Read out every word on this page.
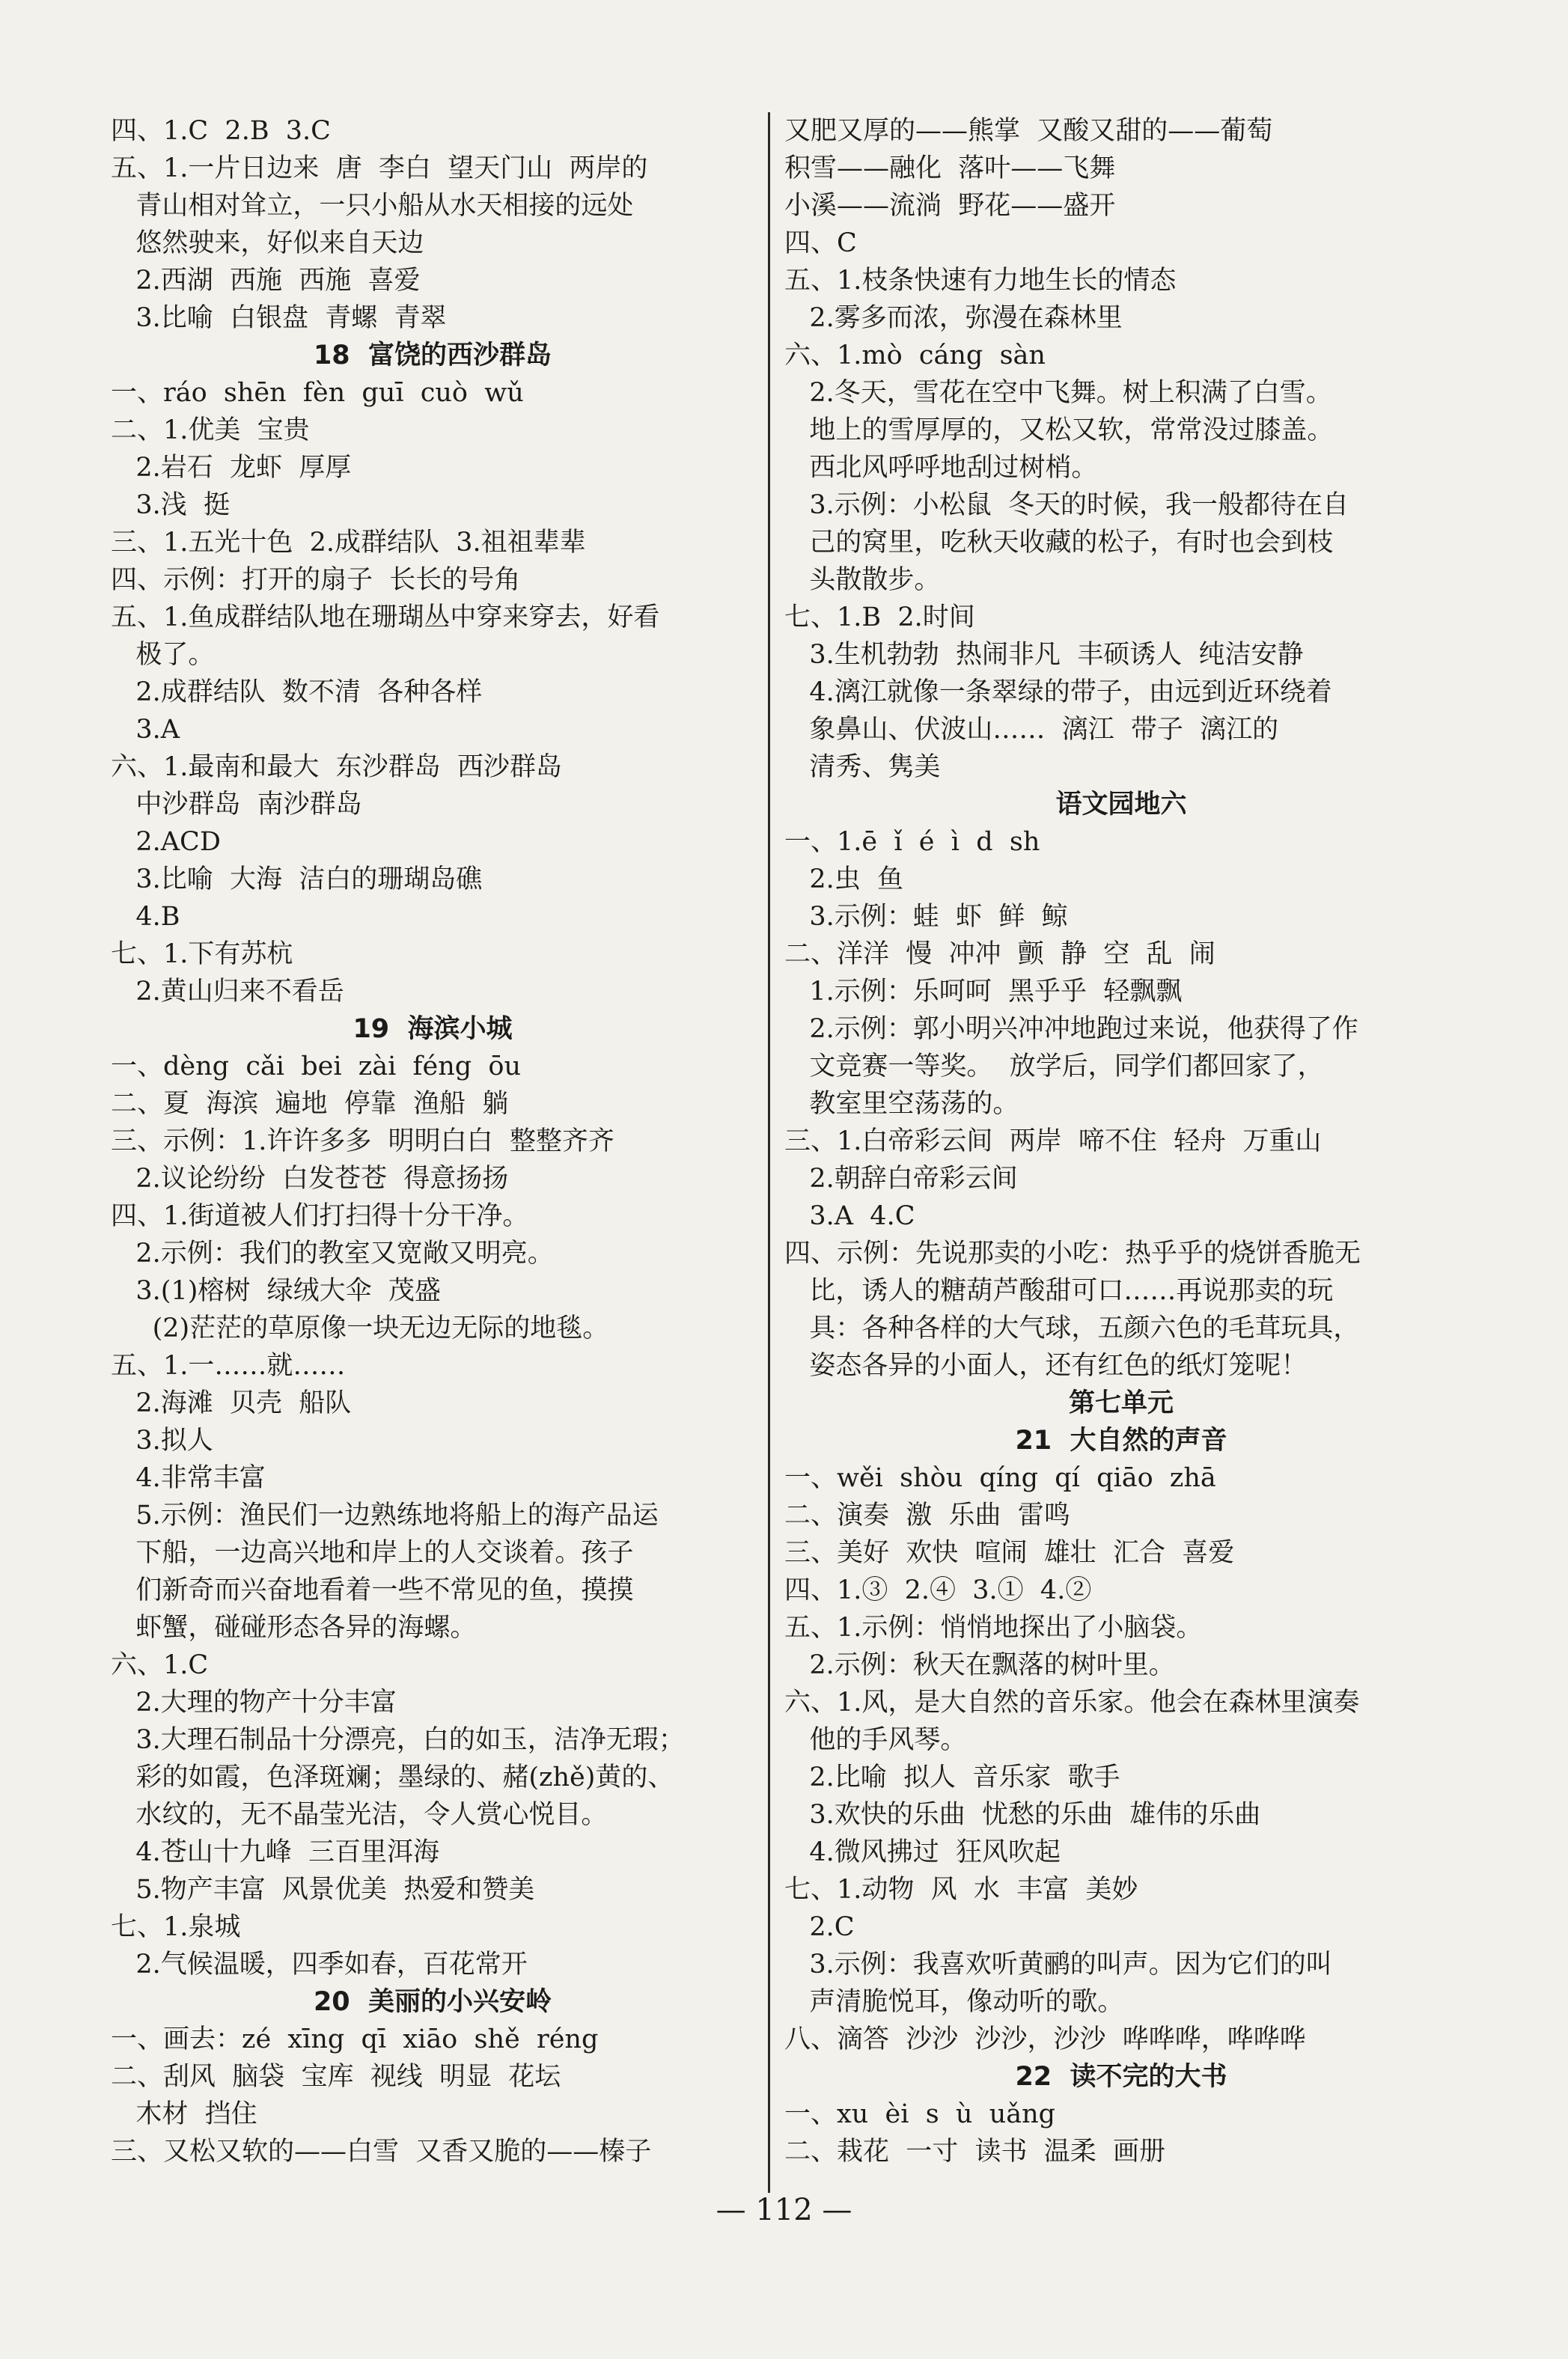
四、1.C  2.B  3.C
五、1.一片日边来  唐  李白  望天门山  两岸的
青山相对耸立，一只小船从水天相接的远处
悠然驶来，好似来自天边
2.西湖  西施  西施  喜爱
3.比喻  白银盘  青螺  青翠
18  富饶的西沙群岛
一、ráo  shēn  fèn  guī  cuò  wǔ
二、1.优美  宝贵
2.岩石  龙虾  厚厚
3.浅  挺
三、1.五光十色  2.成群结队  3.祖祖辈辈
四、示例：打开的扇子  长长的号角
五、1.鱼成群结队地在珊瑚丛中穿来穿去，好看
极了。
2.成群结队  数不清  各种各样
3.A
六、1.最南和最大  东沙群岛  西沙群岛
中沙群岛  南沙群岛
2.ACD
3.比喻  大海  洁白的珊瑚岛礁
4.B
七、1.下有苏杭
2.黄山归来不看岳
19  海滨小城
一、dèng  cǎi  bei  zài  féng  ōu
二、夏  海滨  遍地  停靠  渔船  躺
三、示例：1.许许多多  明明白白  整整齐齐
2.议论纷纷  白发苍苍  得意扬扬
四、1.街道被人们打扫得十分干净。
2.示例：我们的教室又宽敞又明亮。
3.(1)榕树  绿绒大伞  茂盛
(2)茫茫的草原像一块无边无际的地毯。
五、1.一……就……
2.海滩  贝壳  船队
3.拟人
4.非常丰富
5.示例：渔民们一边熟练地将船上的海产品运
下船，一边高兴地和岸上的人交谈着。孩子
们新奇而兴奋地看着一些不常见的鱼，摸摸
虾蟹，碰碰形态各异的海螺。
六、1.C
2.大理的物产十分丰富
3.大理石制品十分漂亮，白的如玉，洁净无瑕；
彩的如霞，色泽斑斓；墨绿的、赭(zhě)黄的、
水纹的，无不晶莹光洁，令人赏心悦目。
4.苍山十九峰  三百里洱海
5.物产丰富  风景优美  热爱和赞美
七、1.泉城
2.气候温暖，四季如春，百花常开
20  美丽的小兴安岭
一、画去：zé  xīng  qī  xiāo  shě  réng
二、刮风  脑袋  宝库  视线  明显  花坛
木材  挡住
三、又松又软的——白雪  又香又脆的——榛子
又肥又厚的——熊掌  又酸又甜的——葡萄
积雪——融化  落叶——飞舞
小溪——流淌  野花——盛开
四、C
五、1.枝条快速有力地生长的情态
2.雾多而浓，弥漫在森林里
六、1.mò  cáng  sàn
2.冬天，雪花在空中飞舞。树上积满了白雪。
地上的雪厚厚的，又松又软，常常没过膝盖。
西北风呼呼地刮过树梢。
3.示例：小松鼠  冬天的时候，我一般都待在自
己的窝里，吃秋天收藏的松子，有时也会到枝
头散散步。
七、1.B  2.时间
3.生机勃勃  热闹非凡  丰硕诱人  纯洁安静
4.漓江就像一条翠绿的带子，由远到近环绕着
象鼻山、伏波山……  漓江  带子  漓江的
清秀、隽美
语文园地六
一、1.ē  ǐ  é  ì  d  sh
2.虫  鱼
3.示例：蛙  虾  鲜  鲸
二、洋洋  慢  冲冲  颤  静  空  乱  闹
1.示例：乐呵呵  黑乎乎  轻飘飘
2.示例：郭小明兴冲冲地跑过来说，他获得了作
文竞赛一等奖。  放学后，同学们都回家了，
教室里空荡荡的。
三、1.白帝彩云间  两岸  啼不住  轻舟  万重山
2.朝辞白帝彩云间
3.A  4.C
四、示例：先说那卖的小吃：热乎乎的烧饼香脆无
比，诱人的糖葫芦酸甜可口……再说那卖的玩
具：各种各样的大气球，五颜六色的毛茸玩具，
姿态各异的小面人，还有红色的纸灯笼呢！
第七单元
21  大自然的声音
一、wěi  shòu  qíng  qí  qiāo  zhā
二、演奏  激  乐曲  雷鸣
三、美好  欢快  喧闹  雄壮  汇合  喜爱
四、1.③  2.④  3.①  4.②
五、1.示例：悄悄地探出了小脑袋。
2.示例：秋天在飘落的树叶里。
六、1.风，是大自然的音乐家。他会在森林里演奏
他的手风琴。
2.比喻  拟人  音乐家  歌手
3.欢快的乐曲  忧愁的乐曲  雄伟的乐曲
4.微风拂过  狂风吹起
七、1.动物  风  水  丰富  美妙
2.C
3.示例：我喜欢听黄鹂的叫声。因为它们的叫
声清脆悦耳，像动听的歌。
八、滴答  沙沙  沙沙，沙沙  哗哗哗，哗哗哗
22  读不完的大书
一、xu  èi  s  ù  uǎng
二、栽花  一寸  读书  温柔  画册
— 112 —
